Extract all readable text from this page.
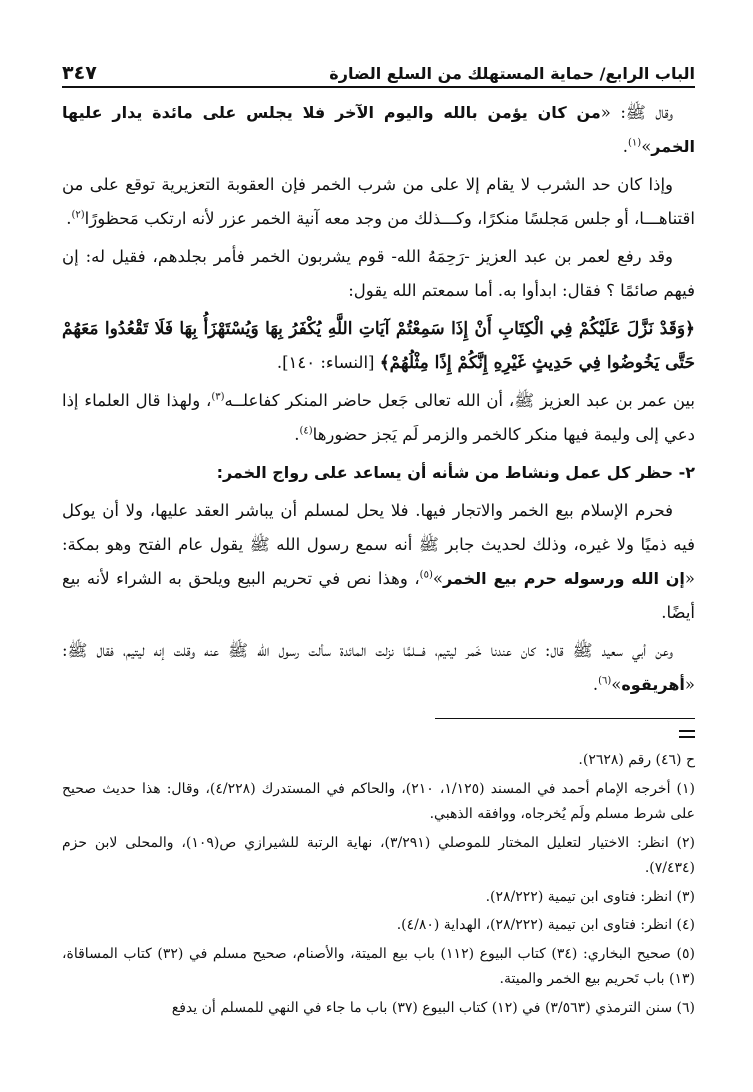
الباب الرابع/ حماية المستهلك من السلع الضارة
٣٤٧

وقال ﷺ: «من كان يؤمن بالله واليوم الآخر فلا يجلس على مائدة يدار عليها الخمر»$^{(١)}$.

وإذا كان حد الشرب لا يقام إلا على من شرب الخمر فإن العقوبة التعزيرية توقع على من اقتناهـــا، أو جلس مَجلسًا منكرًا، وكـــذلك من وجد معه آنية الخمر عزر لأنه ارتكب مَحظورًا$^{(٢)}$.

وقد رفع لعمر بن عبد العزيز -رَحِمَهُ الله- قوم يشربون الخمر فأمر بجلدهم، فقيل له: إن فيهم صائمًا ؟ فقال: ابدأوا به. أما سمعتم الله يقول:

﴿وَقَدْ نَزَّلَ عَلَيْكُمْ فِي الْكِتَابِ أَنْ إِذَا سَمِعْتُمْ آيَاتِ اللَّهِ يُكْفَرُ بِهَا وَيُسْتَهْزَأُ بِهَا فَلَا تَقْعُدُوا مَعَهُمْ حَتَّى يَخُوضُوا فِي حَدِيثٍ غَيْرِهِ إِنَّكُمْ إِذًا مِثْلُهُمْ﴾ [النساء: ١٤٠].

بين عمر بن عبد العزيز ﷺ، أن الله تعالى جَعل حاضر المنكر كفاعلــه$^{(٣)}$، ولهذا قال العلماء إذا دعي إلى وليمة فيها منكر كالخمر والزمر لَم يَجز حضورها$^{(٤)}$.

٢- حظر كل عمل ونشاط من شأنه أن يساعد على رواج الخمر:

فحرم الإسلام بيع الخمر والاتجار فيها. فلا يحل لمسلم أن يباشر العقد عليها، ولا أن يوكل فيه ذميًا ولا غيره، وذلك لحديث جابر ﷺ أنه سمع رسول الله ﷺ يقول عام الفتح وهو بمكة: «إن الله ورسوله حرم بيع الخمر»$^{(٥)}$، وهذا نص في تحريم البيع ويلحق به الشراء لأنه بيع أيضًا.

وعن أبي سعيد ﷺ قال: كان عندنا خَمر ليتيم، فـــلمَّا نزلت المائدة سألت رسول الله ﷺ عنه وقلت إنه ليتيم، فقال ﷺ: «أهريقوه»$^{(٦)}$.

ح (٤٦) رقم (٢٦٢٨).
(١) أخرجه الإمام أحمد في المسند (١/١٢٥، ٢١٠)، والحاكم في المستدرك (٤/٢٢٨)، وقال: هذا حديث صحيح على شرط مسلم ولَم يُخرجاه، ووافقه الذهبي.
(٢) انظر: الاختيار لتعليل المختار للموصلي (٣/٢٩١)، نهاية الرتبة للشيرازي ص(١٠٩)، والمحلى لابن حزم (٧/٤٣٤).
(٣) انظر: فتاوى ابن تيمية (٢٨/٢٢٢).
(٤) انظر: فتاوى ابن تيمية (٢٨/٢٢٢)، الهداية (٤/٨٠).
(٥) صحيح البخاري: (٣٤) كتاب البيوع (١١٢) باب بيع الميتة، والأصنام، صحيح مسلم في (٣٢) كتاب المساقاة، (١٣) باب تَحريم بيع الخمر والميتة.
(٦) سنن الترمذي (٣/٥٦٣) في (١٢) كتاب البيوع (٣٧) باب ما جاء في النهي للمسلم أن يدفع
